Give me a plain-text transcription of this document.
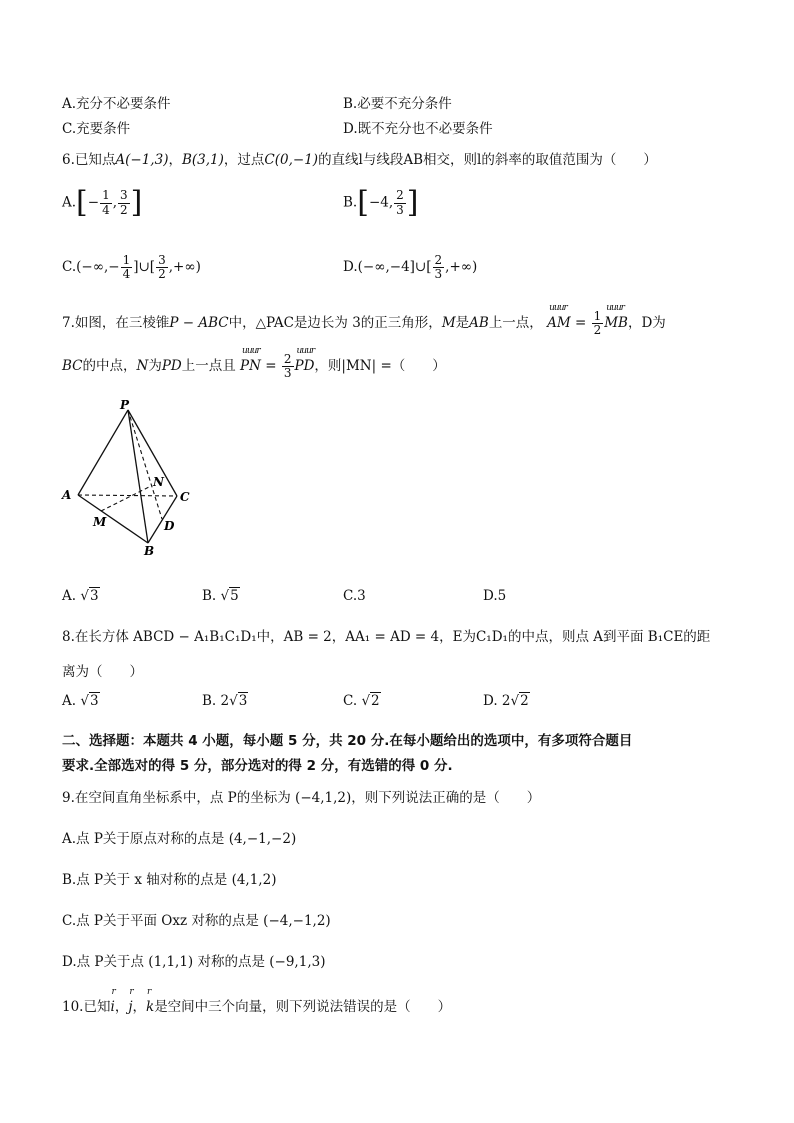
A.充分不必要条件	B.必要不充分条件
C.充要条件	D.既不充分也不必要条件
6.已知点A(−1,3)，B(3,1)，过点C(0,−1)的直线l与线段AB相交，则l的斜率的取值范围为（　　）
$A.[- \frac{1}{4}$ , $\frac{3}{2}$ ]	B.[−4, $\frac{2}{3}$ ]
$C.(-\infty,- \frac{1}{4}$ ]∪[ $\frac{3}{2}$ ,+∞)	D.(−∞,−4]∪[ $\frac{2}{3}$ ,+∞)
7.如图，在三棱锥P − ABC中，△PAC是边长为 3的正三角形，M是AB上一点，
uuur
AM = $\frac{1}{2}$
uuur
MB，D为
BC的中点，N为PD上一点且
uuur
PN = $\frac{2}{3}$
uuur
PD，则|MN| =（　　）
P
A
N
C
M	D
B
A. √3	B. √5	C.3	D.5
8.在长方体 ABCD − A₁B₁C₁D₁中，AB = 2，AA₁ = AD = 4，E为C₁D₁的中点，则点 A到平面 B₁CE的距
离为（　　）
A. √3	B. 2√3	C. √2	D. 2√2
二、选择题：本题共 4 小题，每小题 5 分，共 20 分.在每小题给出的选项中，有多项符合题目
要求.全部选对的得 5 分，部分选对的得 2 分，有选错的得 0 分.
9.在空间直角坐标系中，点 P的坐标为 (−4,1,2)，则下列说法正确的是（　　）
A.点 P关于原点对称的点是 (4,−1,−2)
B.点 P关于 x 轴对称的点是 (4,1,2)
C.点 P关于平面 Oxz 对称的点是 (−4,−1,2)
D.点 P关于点 (1,1,1) 对称的点是 (−9,1,3)
10.已知
r
i，
r
j，
r
k是空间中三个向量，则下列说法错误的是（　　）
